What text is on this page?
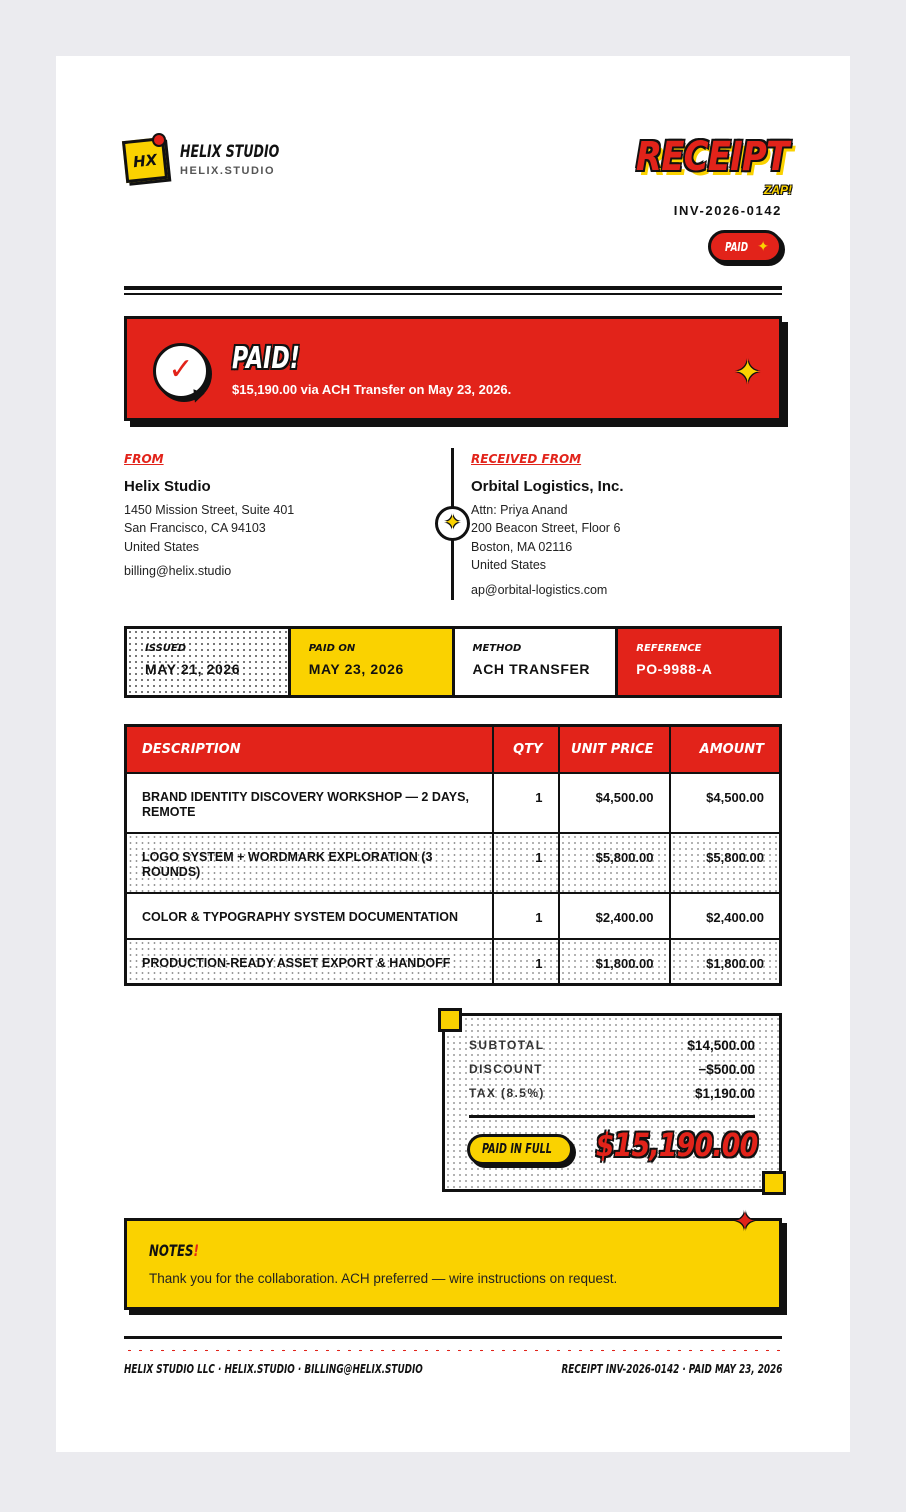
HX	HELIX STUDIO
HELIX.STUDIO	RECEIPT
ZAP!
INV-2026-0142
PAID ✦
✓	PAID!
$15,190.00 via ACH Transfer on May 23, 2026.	✦
FROM
Helix Studio
1450 Mission Street, Suite 401
San Francisco, CA 94103
United States
billing@helix.studio
✦
RECEIVED FROM
Orbital Logistics, Inc.
Attn: Priya Anand
200 Beacon Street, Floor 6
Boston, MA 02116
United States
ap@orbital-logistics.com
ISSUED
MAY 21, 2026
PAID ON
MAY 23, 2026
METHOD
ACH TRANSFER
REFERENCE
PO-9988-A
DESCRIPTION	QTY	UNIT PRICE	AMOUNT
BRAND IDENTITY DISCOVERY WORKSHOP — 2 DAYS, REMOTE	1	$4,500.00	$4,500.00
LOGO SYSTEM + WORDMARK EXPLORATION (3 ROUNDS)	1	$5,800.00	$5,800.00
COLOR & TYPOGRAPHY SYSTEM DOCUMENTATION	1	$2,400.00	$2,400.00
PRODUCTION-READY ASSET EXPORT & HANDOFF	1	$1,800.00	$1,800.00
SUBTOTAL	$14,500.00
DISCOUNT	−$500.00
TAX (8.5%)	$1,190.00
PAID IN FULL $15,190.00
NOTES!
Thank you for the collaboration. ACH preferred — wire instructions on request.
✦
HELIX STUDIO LLC · HELIX.STUDIO · BILLING@HELIX.STUDIO	RECEIPT INV-2026-0142 · PAID MAY 23, 2026
